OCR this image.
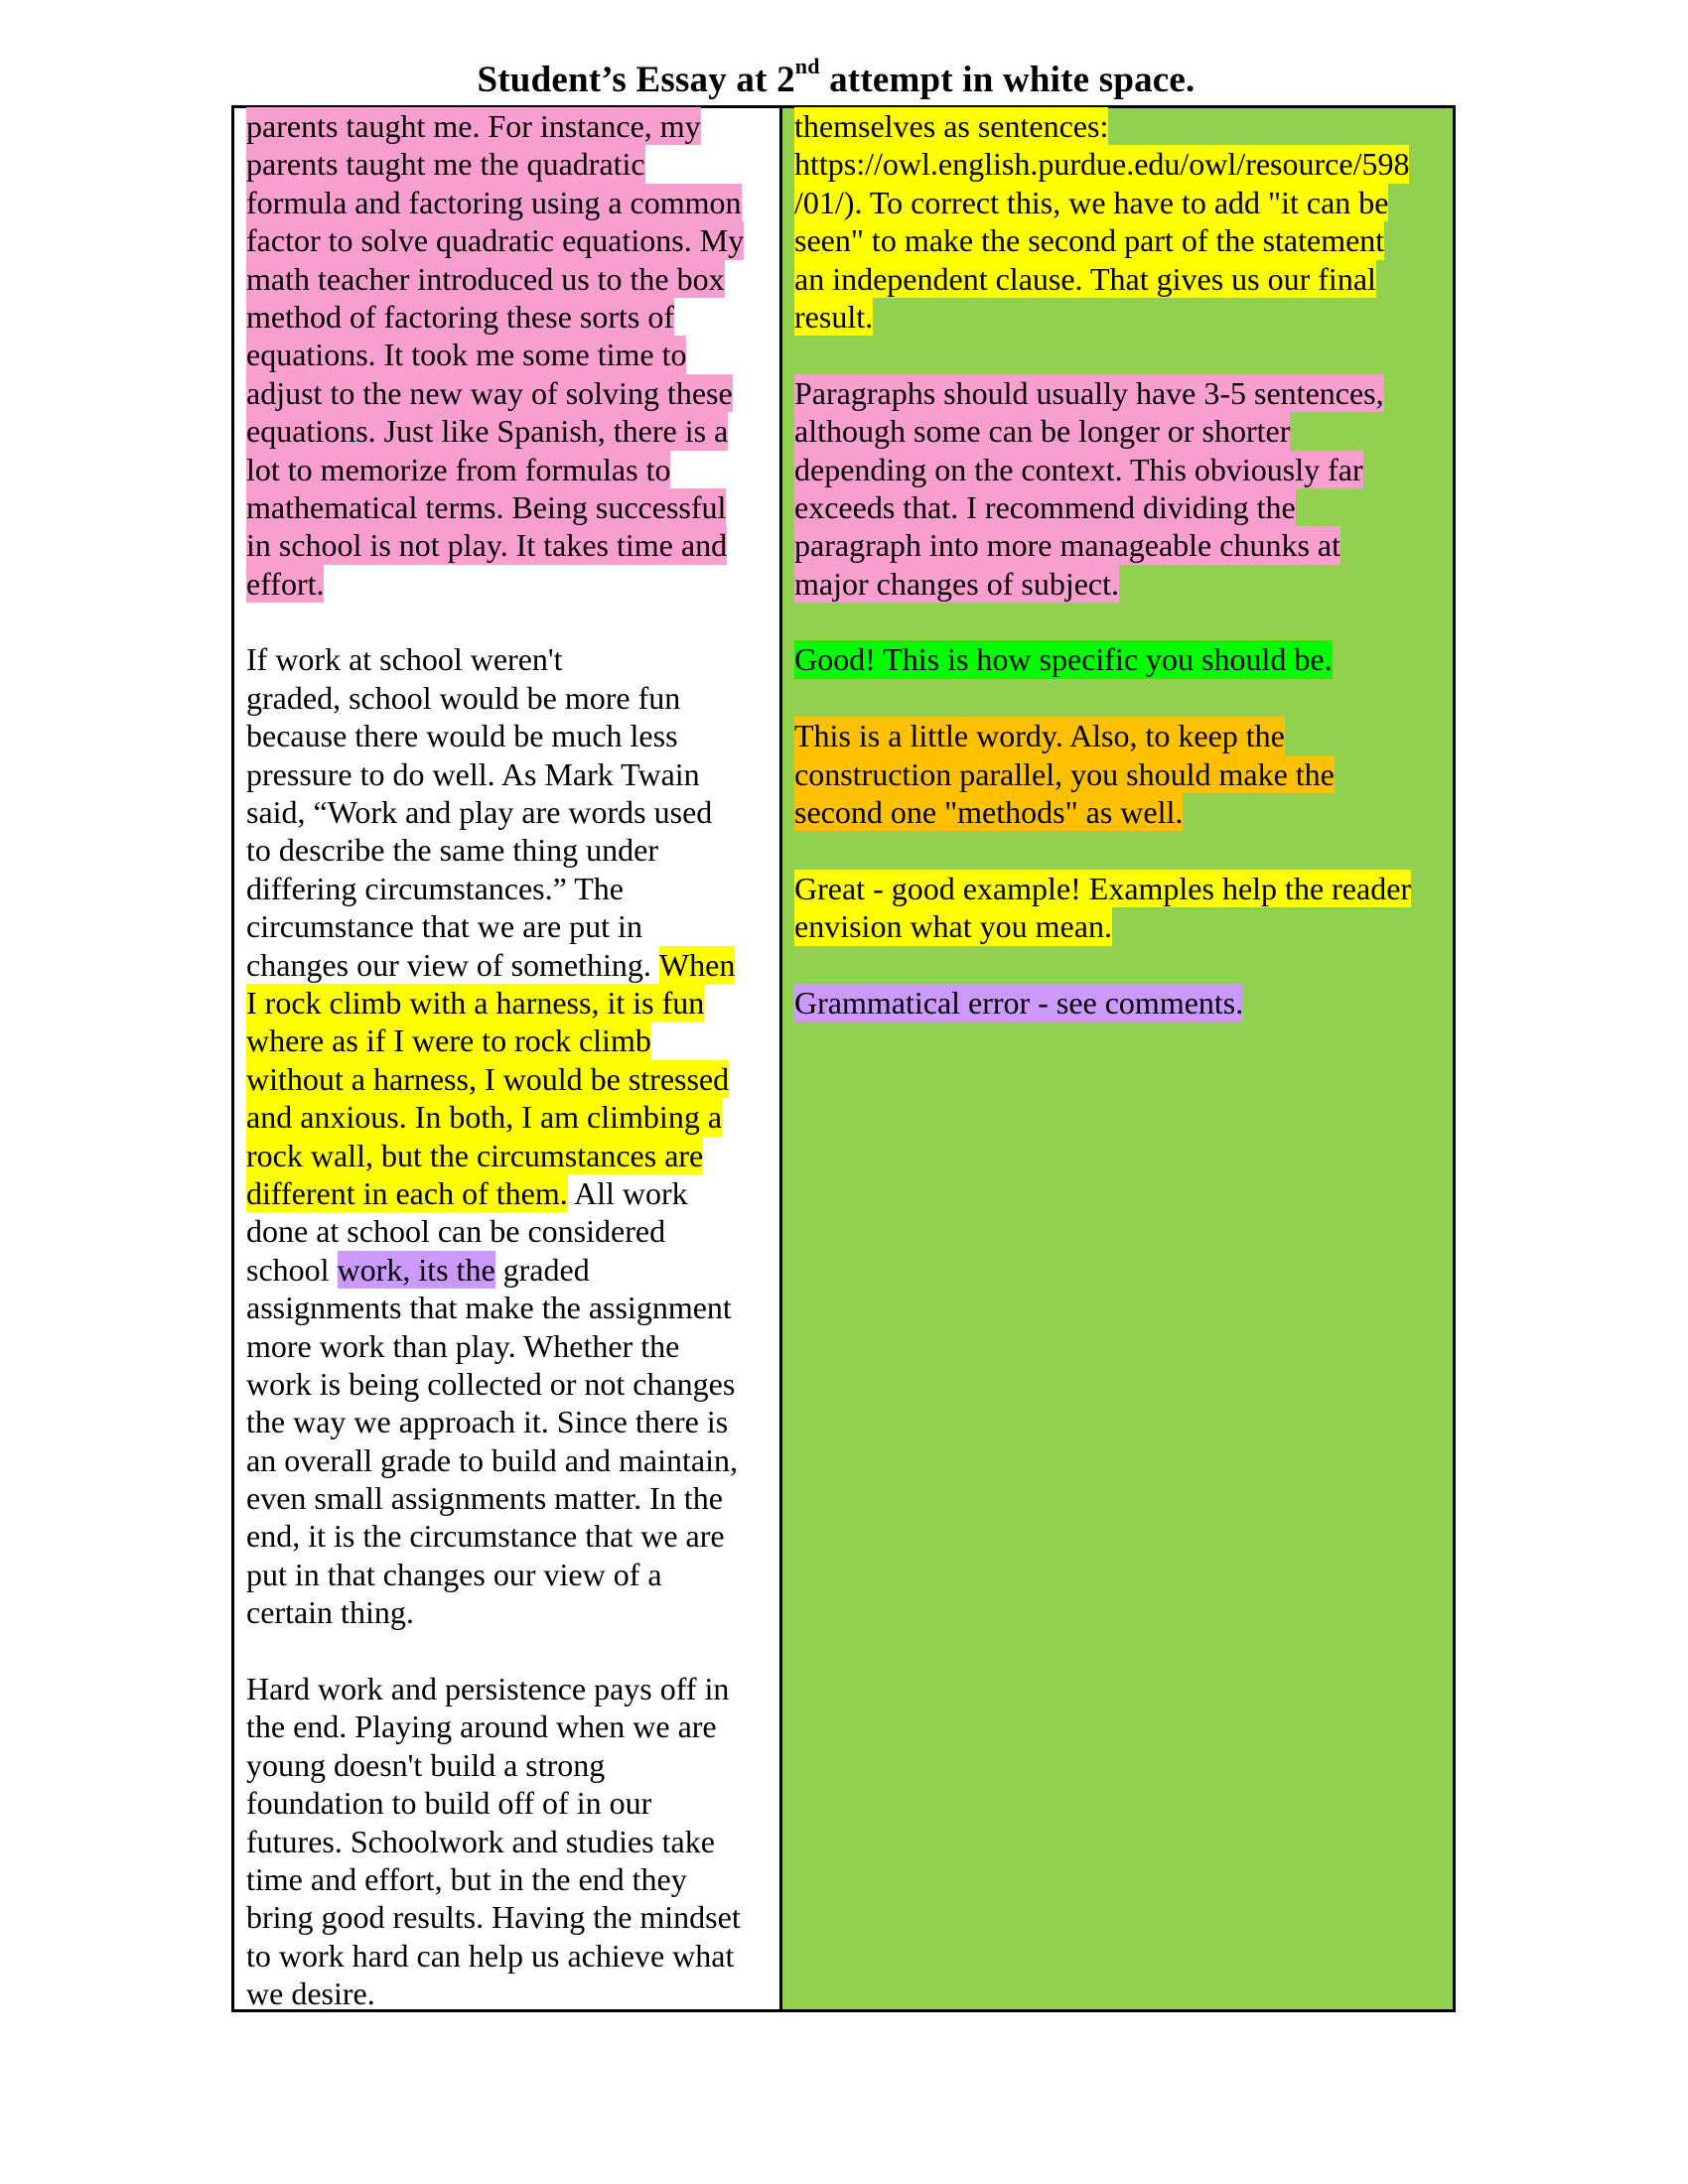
Student’s Essay at 2nd attempt in white space.
parents taught me. For instance, my
parents taught me the quadratic
formula and factoring using a common
factor to solve quadratic equations. My
math teacher introduced us to the box
method of factoring these sorts of
equations. It took me some time to
adjust to the new way of solving these
equations. Just like Spanish, there is a
lot to memorize from formulas to
mathematical terms. Being successful
in school is not play. It takes time and
effort.
If work at school weren't
graded, school would be more fun
because there would be much less
pressure to do well. As Mark Twain
said, “Work and play are words used
to describe the same thing under
differing circumstances.” The
circumstance that we are put in
changes our view of something. When
I rock climb with a harness, it is fun
where as if I were to rock climb
without a harness, I would be stressed
and anxious. In both, I am climbing a
rock wall, but the circumstances are
different in each of them. All work
done at school can be considered
school work, its the graded
assignments that make the assignment
more work than play. Whether the
work is being collected or not changes
the way we approach it. Since there is
an overall grade to build and maintain,
even small assignments matter. In the
end, it is the circumstance that we are
put in that changes our view of a
certain thing.
Hard work and persistence pays off in
the end. Playing around when we are
young doesn't build a strong
foundation to build off of in our
futures. Schoolwork and studies take
time and effort, but in the end they
bring good results. Having the mindset
to work hard can help us achieve what
we desire.
themselves as sentences:
https://owl.english.purdue.edu/owl/resource/598
/01/). To correct this, we have to add "it can be
seen" to make the second part of the statement
an independent clause. That gives us our final
result.
Paragraphs should usually have 3-5 sentences,
although some can be longer or shorter
depending on the context. This obviously far
exceeds that. I recommend dividing the
paragraph into more manageable chunks at
major changes of subject.
Good! This is how specific you should be.
This is a little wordy. Also, to keep the
construction parallel, you should make the
second one "methods" as well.
Great - good example! Examples help the reader
envision what you mean.
Grammatical error - see comments.
